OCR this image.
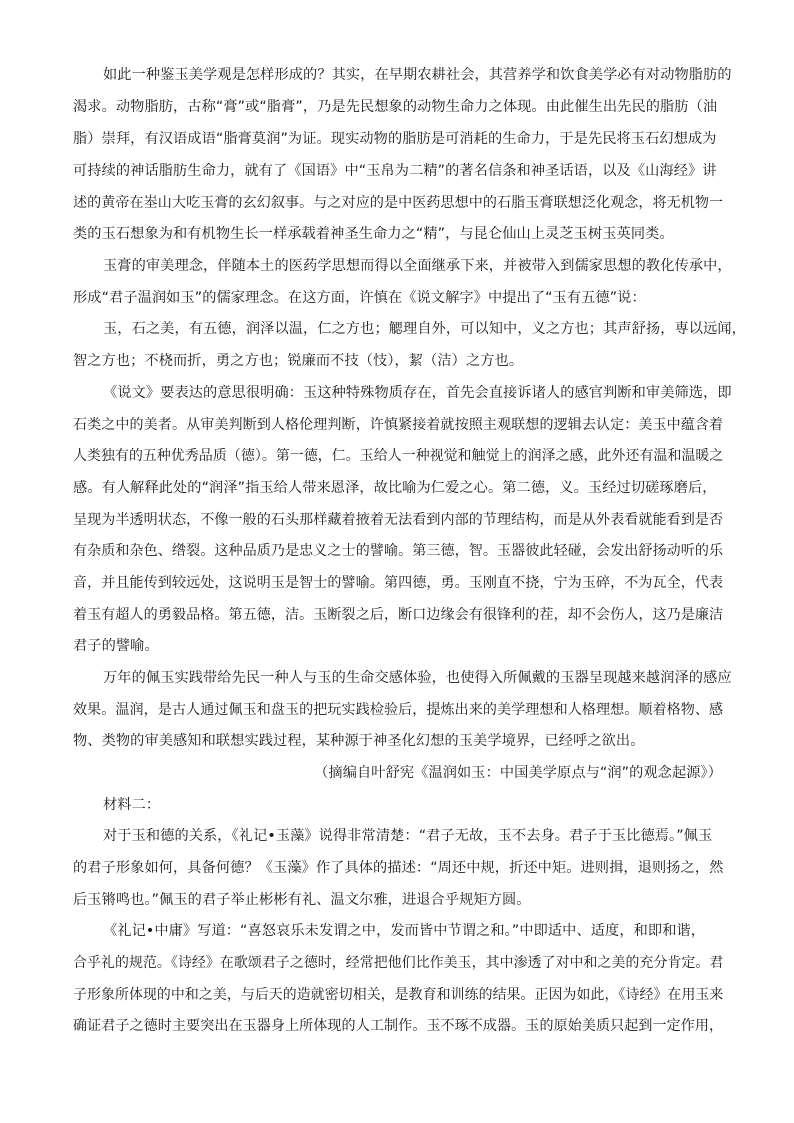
如此一种鉴玉美学观是怎样形成的？其实，在早期农耕社会，其营养学和饮食美学必有对动物脂肪的
渴求。动物脂肪，古称“膏”或“脂膏”，乃是先民想象的动物生命力之体现。由此催生出先民的脂肪（油
脂）崇拜，有汉语成语“脂膏莫润”为证。现实动物的脂肪是可消耗的生命力，于是先民将玉石幻想成为
可持续的神话脂肪生命力，就有了《国语》中“玉帛为二精”的著名信条和神圣话语，以及《山海经》讲
述的黄帝在峚山大吃玉膏的玄幻叙事。与之对应的是中医药思想中的石脂玉膏联想泛化观念，将无机物一
类的玉石想象为和有机物生长一样承载着神圣生命力之“精”，与昆仑仙山上灵芝玉树玉英同类。
玉膏的审美理念，伴随本土的医药学思想而得以全面继承下来，并被带入到儒家思想的教化传承中，
形成“君子温润如玉”的儒家理念。在这方面，许慎在《说文解字》中提出了“玉有五德”说：
玉，石之美，有五德，润泽以温，仁之方也；䚡理自外，可以知中，义之方也；其声舒扬，専以远闻，
智之方也；不桡而折，勇之方也；锐廉而不技（忮），絜（洁）之方也。
《说文》要表达的意思很明确：玉这种特殊物质存在，首先会直接诉诸人的感官判断和审美筛选，即
石类之中的美者。从审美判断到人格伦理判断，许慎紧接着就按照主观联想的逻辑去认定：美玉中蕴含着
人类独有的五种优秀品质（德）。第一德，仁。玉给人一种视觉和触觉上的润泽之感，此外还有温和温暖之
感。有人解释此处的“润泽”指玉给人带来恩泽，故比喻为仁爱之心。第二德，义。玉经过切磋琢磨后，
呈现为半透明状态，不像一般的石头那样藏着掖着无法看到内部的节理结构，而是从外表看就能看到是否
有杂质和杂色、绺裂。这种品质乃是忠义之士的譬喻。第三德，智。玉器彼此轻碰，会发出舒扬动听的乐
音，并且能传到较远处，这说明玉是智士的譬喻。第四德，勇。玉刚直不挠，宁为玉碎，不为瓦全，代表
着玉有超人的勇毅品格。第五德，洁。玉断裂之后，断口边缘会有很锋利的茬，却不会伤人，这乃是廉洁
君子的譬喻。
万年的佩玉实践带给先民一种人与玉的生命交感体验，也使得入所佩戴的玉器呈现越来越润泽的感应
效果。温润，是古人通过佩玉和盘玉的把玩实践检验后，提炼出来的美学理想和人格理想。顺着格物、感
物、类物的审美感知和联想实践过程，某种源于神圣化幻想的玉美学境界，已经呼之欲出。
（摘编自叶舒宪《温润如玉：中国美学原点与“润”的观念起源》）
材料二：
对于玉和德的关系，《礼记•玉藻》说得非常清楚：“君子无故，玉不去身。君子于玉比德焉。”佩玉
的君子形象如何，具备何德？《玉藻》作了具体的描述：“周还中规，折还中矩。进则揖，退则扬之，然
后玉锵鸣也。”佩玉的君子举止彬彬有礼、温文尔雅，进退合乎规矩方圆。
《礼记•中庸》写道：“喜怒哀乐未发谓之中，发而皆中节谓之和。”中即适中、适度，和即和谐，
合乎礼的规范。《诗经》在歌颂君子之德时，经常把他们比作美玉，其中渗透了对中和之美的充分肯定。君
子形象所体现的中和之美，与后天的造就密切相关，是教育和训练的结果。正因为如此，《诗经》在用玉来
确证君子之德时主要突出在玉器身上所体现的人工制作。玉不琢不成器。玉的原始美质只起到一定作用，
